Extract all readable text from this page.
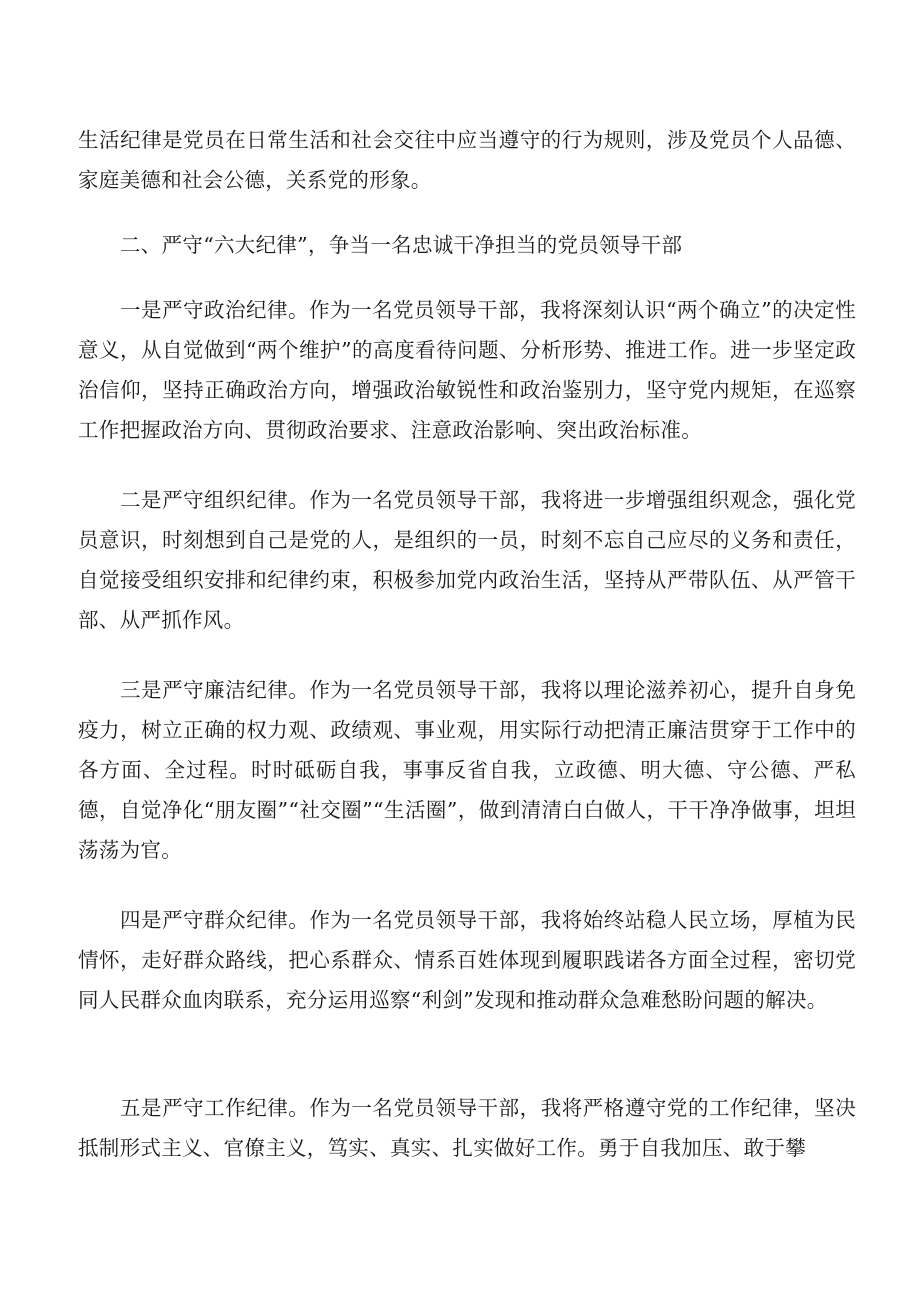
生活纪律是党员在日常生活和社会交往中应当遵守的行为规则，涉及党员个人品德、家庭美德和社会公德，关系党的形象。

二、严守“六大纪律”，争当一名忠诚干净担当的党员领导干部

一是严守政治纪律。作为一名党员领导干部，我将深刻认识“两个确立”的决定性意义，从自觉做到“两个维护”的高度看待问题、分析形势、推进工作。进一步坚定政治信仰，坚持正确政治方向，增强政治敏锐性和政治鉴别力，坚守党内规矩，在巡察工作把握政治方向、贯彻政治要求、注意政治影响、突出政治标准。

二是严守组织纪律。作为一名党员领导干部，我将进一步增强组织观念，强化党员意识，时刻想到自己是党的人，是组织的一员，时刻不忘自己应尽的义务和责任，自觉接受组织安排和纪律约束，积极参加党内政治生活，坚持从严带队伍、从严管干部、从严抓作风。

三是严守廉洁纪律。作为一名党员领导干部，我将以理论滋养初心，提升自身免疫力，树立正确的权力观、政绩观、事业观，用实际行动把清正廉洁贯穿于工作中的各方面、全过程。时时砥砺自我，事事反省自我，立政德、明大德、守公德、严私德，自觉净化“朋友圈”“社交圈”“生活圈”，做到清清白白做人，干干净净做事，坦坦荡荡为官。

四是严守群众纪律。作为一名党员领导干部，我将始终站稳人民立场，厚植为民情怀，走好群众路线，把心系群众、情系百姓体现到履职践诺各方面全过程，密切党同人民群众血肉联系，充分运用巡察“利剑”发现和推动群众急难愁盼问题的解决。

五是严守工作纪律。作为一名党员领导干部，我将严格遵守党的工作纪律，坚决抵制形式主义、官僚主义，笃实、真实、扎实做好工作。勇于自我加压、敢于攀
